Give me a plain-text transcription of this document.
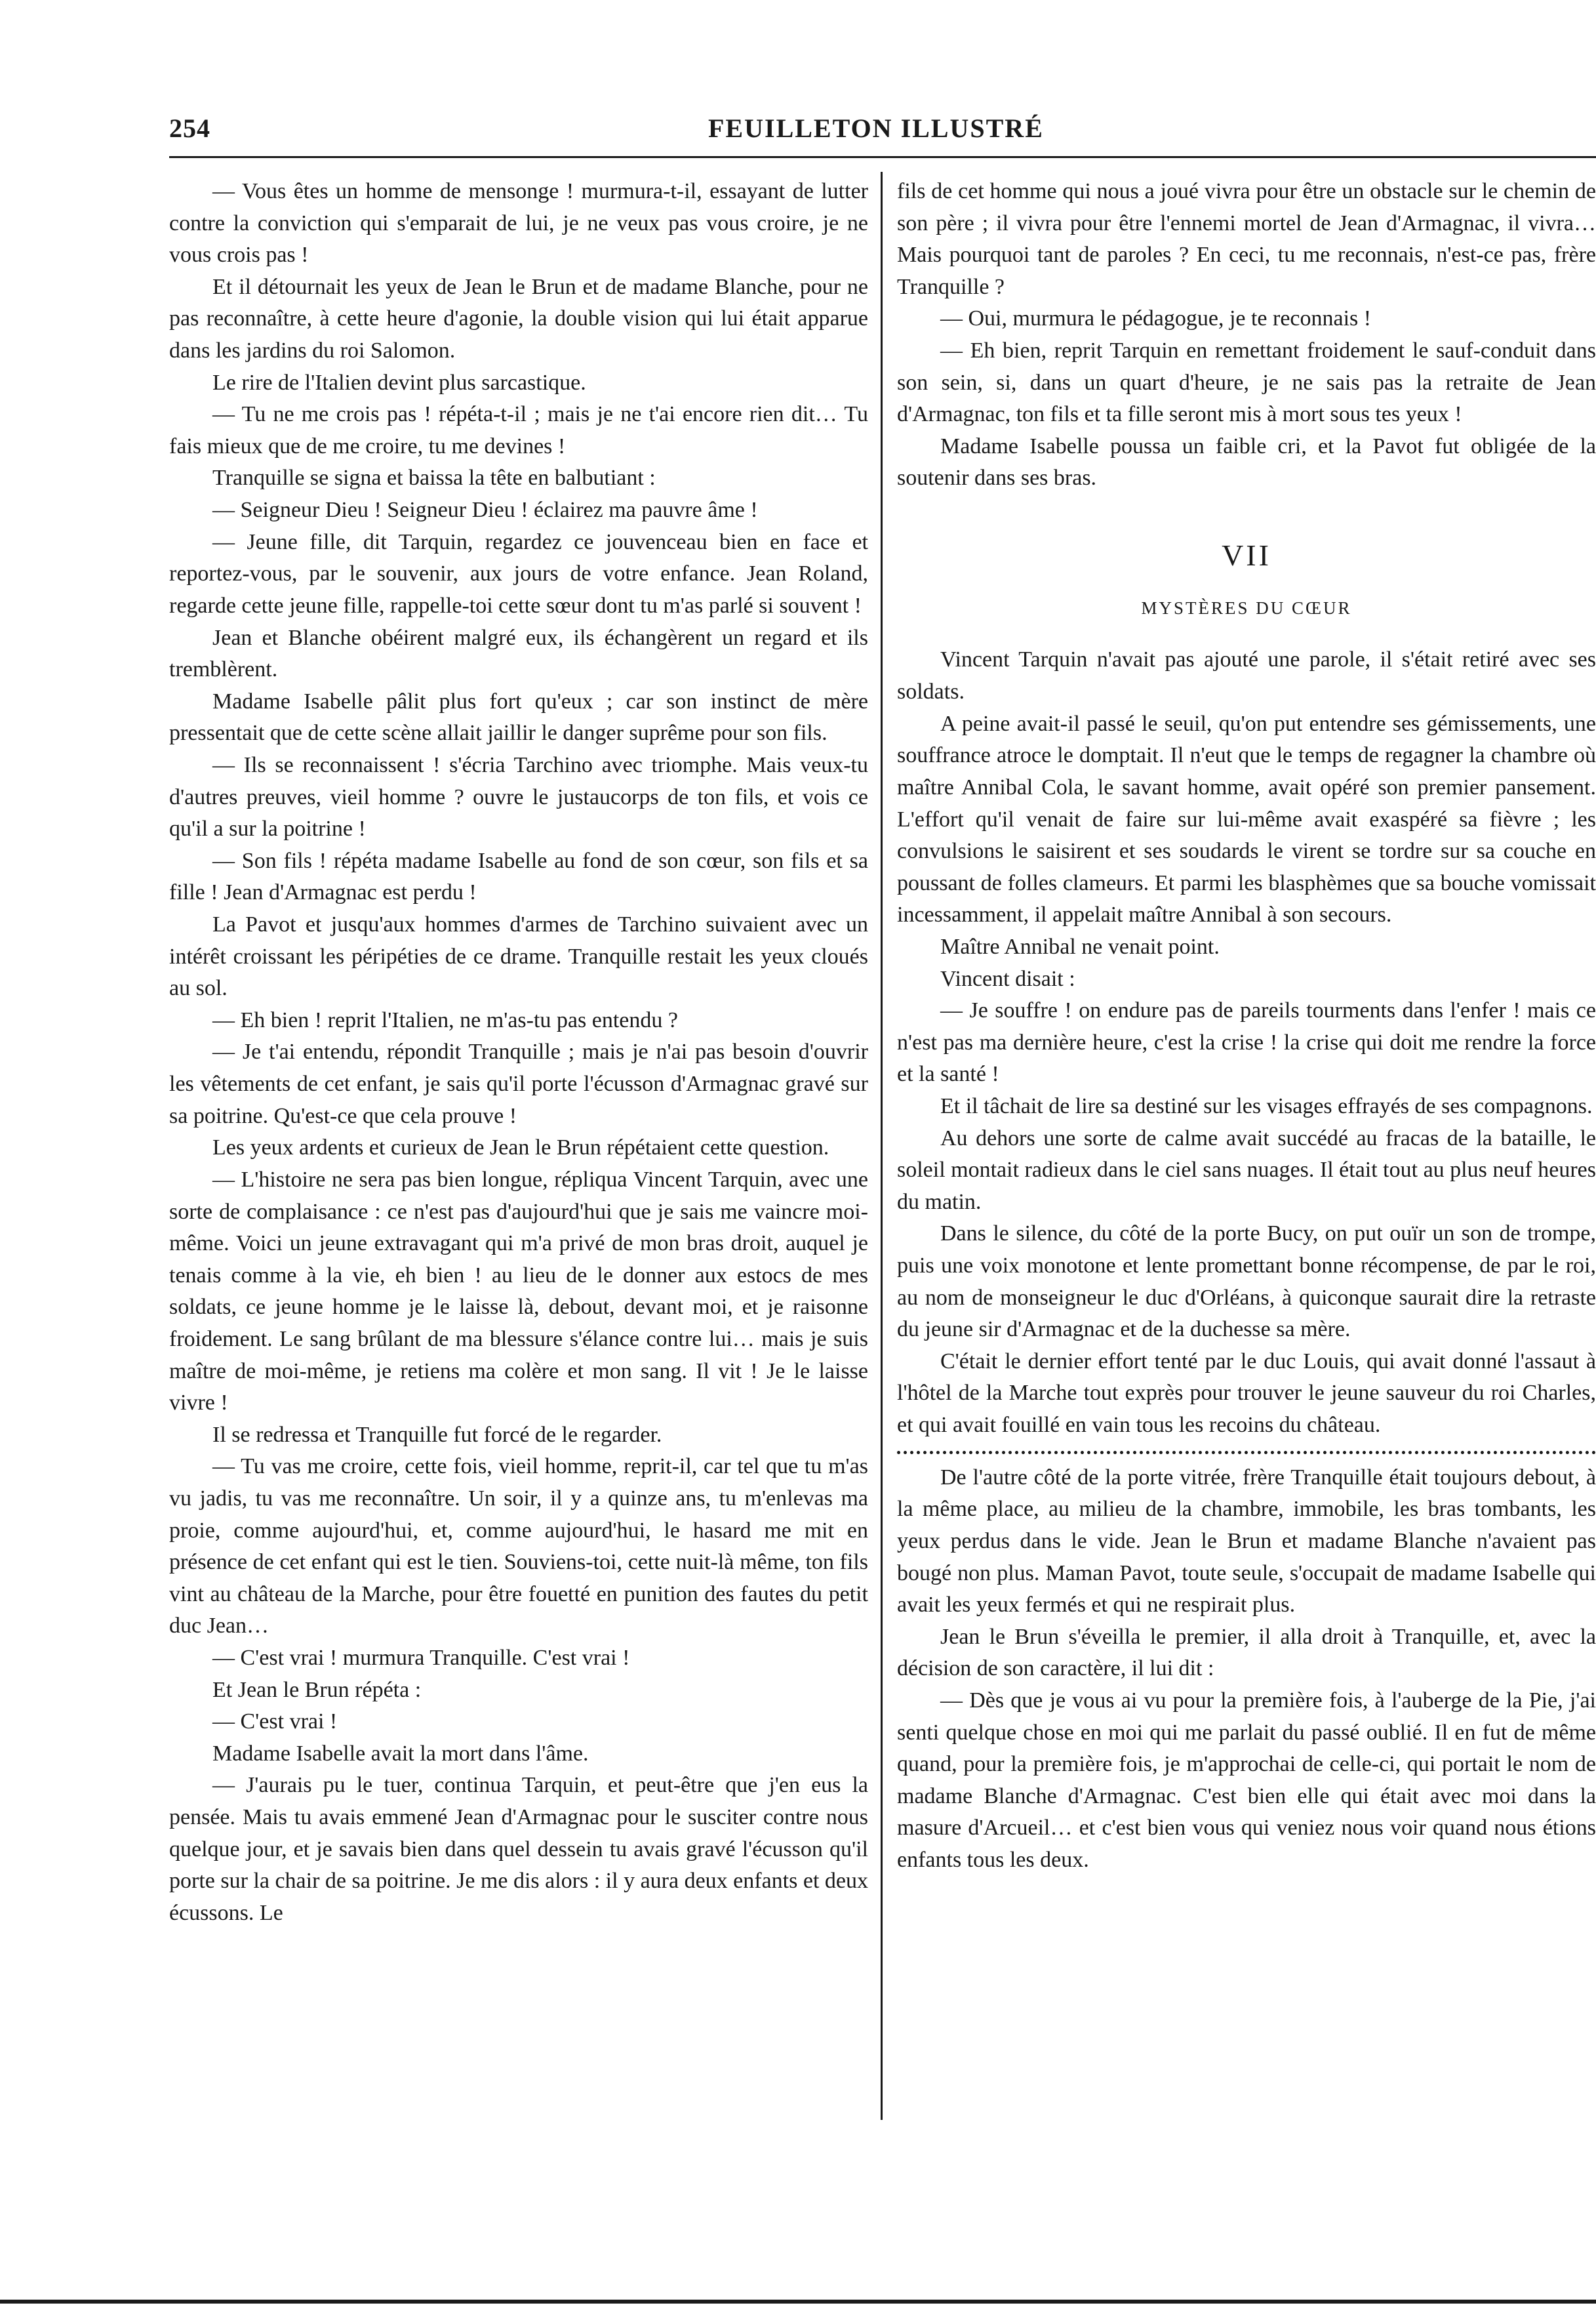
254	FEUILLETON ILLUSTRÉ

— Vous êtes un homme de mensonge ! murmura-t-il, essayant de lutter contre la conviction qui s'emparait de lui, je ne veux pas vous croire, je ne vous crois pas !

Et il détournait les yeux de Jean le Brun et de madame Blanche, pour ne pas reconnaître, à cette heure d'agonie, la double vision qui lui était apparue dans les jardins du roi Salomon.

Le rire de l'Italien devint plus sarcastique.

— Tu ne me crois pas ! répéta-t-il ; mais je ne t'ai encore rien dit… Tu fais mieux que de me croire, tu me devines !

Tranquille se signa et baissa la tête en balbutiant :

— Seigneur Dieu ! Seigneur Dieu ! éclairez ma pauvre âme !

— Jeune fille, dit Tarquin, regardez ce jouvenceau bien en face et reportez-vous, par le souvenir, aux jours de votre enfance. Jean Roland, regarde cette jeune fille, rappelle-toi cette sœur dont tu m'as parlé si souvent !

Jean et Blanche obéirent malgré eux, ils échangèrent un regard et ils tremblèrent.

Madame Isabelle pâlit plus fort qu'eux ; car son instinct de mère pressentait que de cette scène allait jaillir le danger suprême pour son fils.

— Ils se reconnaissent ! s'écria Tarchino avec triomphe. Mais veux-tu d'autres preuves, vieil homme ? ouvre le justaucorps de ton fils, et vois ce qu'il a sur la poitrine !

— Son fils ! répéta madame Isabelle au fond de son cœur, son fils et sa fille ! Jean d'Armagnac est perdu !

La Pavot et jusqu'aux hommes d'armes de Tarchino suivaient avec un intérêt croissant les péripéties de ce drame. Tranquille restait les yeux cloués au sol.

— Eh bien ! reprit l'Italien, ne m'as-tu pas entendu ?

— Je t'ai entendu, répondit Tranquille ; mais je n'ai pas besoin d'ouvrir les vêtements de cet enfant, je sais qu'il porte l'écusson d'Armagnac gravé sur sa poitrine. Qu'est-ce que cela prouve !

Les yeux ardents et curieux de Jean le Brun répétaient cette question.

— L'histoire ne sera pas bien longue, répliqua Vincent Tarquin, avec une sorte de complaisance : ce n'est pas d'aujourd'hui que je sais me vaincre moi-même. Voici un jeune extravagant qui m'a privé de mon bras droit, auquel je tenais comme à la vie, eh bien ! au lieu de le donner aux estocs de mes soldats, ce jeune homme je le laisse là, debout, devant moi, et je raisonne froidement. Le sang brûlant de ma blessure s'élance contre lui… mais je suis maître de moi-même, je retiens ma colère et mon sang. Il vit ! Je le laisse vivre !

Il se redressa et Tranquille fut forcé de le regarder.

— Tu vas me croire, cette fois, vieil homme, reprit-il, car tel que tu m'as vu jadis, tu vas me reconnaître. Un soir, il y a quinze ans, tu m'enlevas ma proie, comme aujourd'hui, et, comme aujourd'hui, le hasard me mit en présence de cet enfant qui est le tien. Souviens-toi, cette nuit-là même, ton fils vint au château de la Marche, pour être fouetté en punition des fautes du petit duc Jean…

— C'est vrai ! murmura Tranquille. C'est vrai !

Et Jean le Brun répéta :

— C'est vrai !

Madame Isabelle avait la mort dans l'âme.

— J'aurais pu le tuer, continua Tarquin, et peut-être que j'en eus la pensée. Mais tu avais emmené Jean d'Armagnac pour le susciter contre nous quelque jour, et je savais bien dans quel dessein tu avais gravé l'écusson qu'il porte sur la chair de sa poitrine. Je me dis alors : il y aura deux enfants et deux écussons. Le

fils de cet homme qui nous a joué vivra pour être un obstacle sur le chemin de son père ; il vivra pour être l'ennemi mortel de Jean d'Armagnac, il vivra… Mais pourquoi tant de paroles ? En ceci, tu me reconnais, n'est-ce pas, frère Tranquille ?

— Oui, murmura le pédagogue, je te reconnais !

— Eh bien, reprit Tarquin en remettant froidement le sauf-conduit dans son sein, si, dans un quart d'heure, je ne sais pas la retraite de Jean d'Armagnac, ton fils et ta fille seront mis à mort sous tes yeux !

Madame Isabelle poussa un faible cri, et la Pavot fut obligée de la soutenir dans ses bras.

VII
MYSTÈRES DU CŒUR

Vincent Tarquin n'avait pas ajouté une parole, il s'était retiré avec ses soldats.

A peine avait-il passé le seuil, qu'on put entendre ses gémissements, une souffrance atroce le domptait. Il n'eut que le temps de regagner la chambre où maître Annibal Cola, le savant homme, avait opéré son premier pansement. L'effort qu'il venait de faire sur lui-même avait exaspéré sa fièvre ; les convulsions le saisirent et ses soudards le virent se tordre sur sa couche en poussant de folles clameurs. Et parmi les blasphèmes que sa bouche vomissait incessamment, il appelait maître Annibal à son secours.

Maître Annibal ne venait point.

Vincent disait :

— Je souffre ! on endure pas de pareils tourments dans l'enfer ! mais ce n'est pas ma dernière heure, c'est la crise ! la crise qui doit me rendre la force et la santé !

Et il tâchait de lire sa destiné sur les visages effrayés de ses compagnons.

Au dehors une sorte de calme avait succédé au fracas de la bataille, le soleil montait radieux dans le ciel sans nuages. Il était tout au plus neuf heures du matin.

Dans le silence, du côté de la porte Bucy, on put ouïr un son de trompe, puis une voix monotone et lente promettant bonne récompense, de par le roi, au nom de monseigneur le duc d'Orléans, à quiconque saurait dire la retraste du jeune sir d'Armagnac et de la duchesse sa mère.

C'était le dernier effort tenté par le duc Louis, qui avait donné l'assaut à l'hôtel de la Marche tout exprès pour trouver le jeune sauveur du roi Charles, et qui avait fouillé en vain tous les recoins du château.

De l'autre côté de la porte vitrée, frère Tranquille était toujours debout, à la même place, au milieu de la chambre, immobile, les bras tombants, les yeux perdus dans le vide. Jean le Brun et madame Blanche n'avaient pas bougé non plus. Maman Pavot, toute seule, s'occupait de madame Isabelle qui avait les yeux fermés et qui ne respirait plus.

Jean le Brun s'éveilla le premier, il alla droit à Tranquille, et, avec la décision de son caractère, il lui dit :

— Dès que je vous ai vu pour la première fois, à l'auberge de la Pie, j'ai senti quelque chose en moi qui me parlait du passé oublié. Il en fut de même quand, pour la première fois, je m'approchai de celle-ci, qui portait le nom de madame Blanche d'Armagnac. C'est bien elle qui était avec moi dans la masure d'Arcueil… et c'est bien vous qui veniez nous voir quand nous étions enfants tous les deux.
